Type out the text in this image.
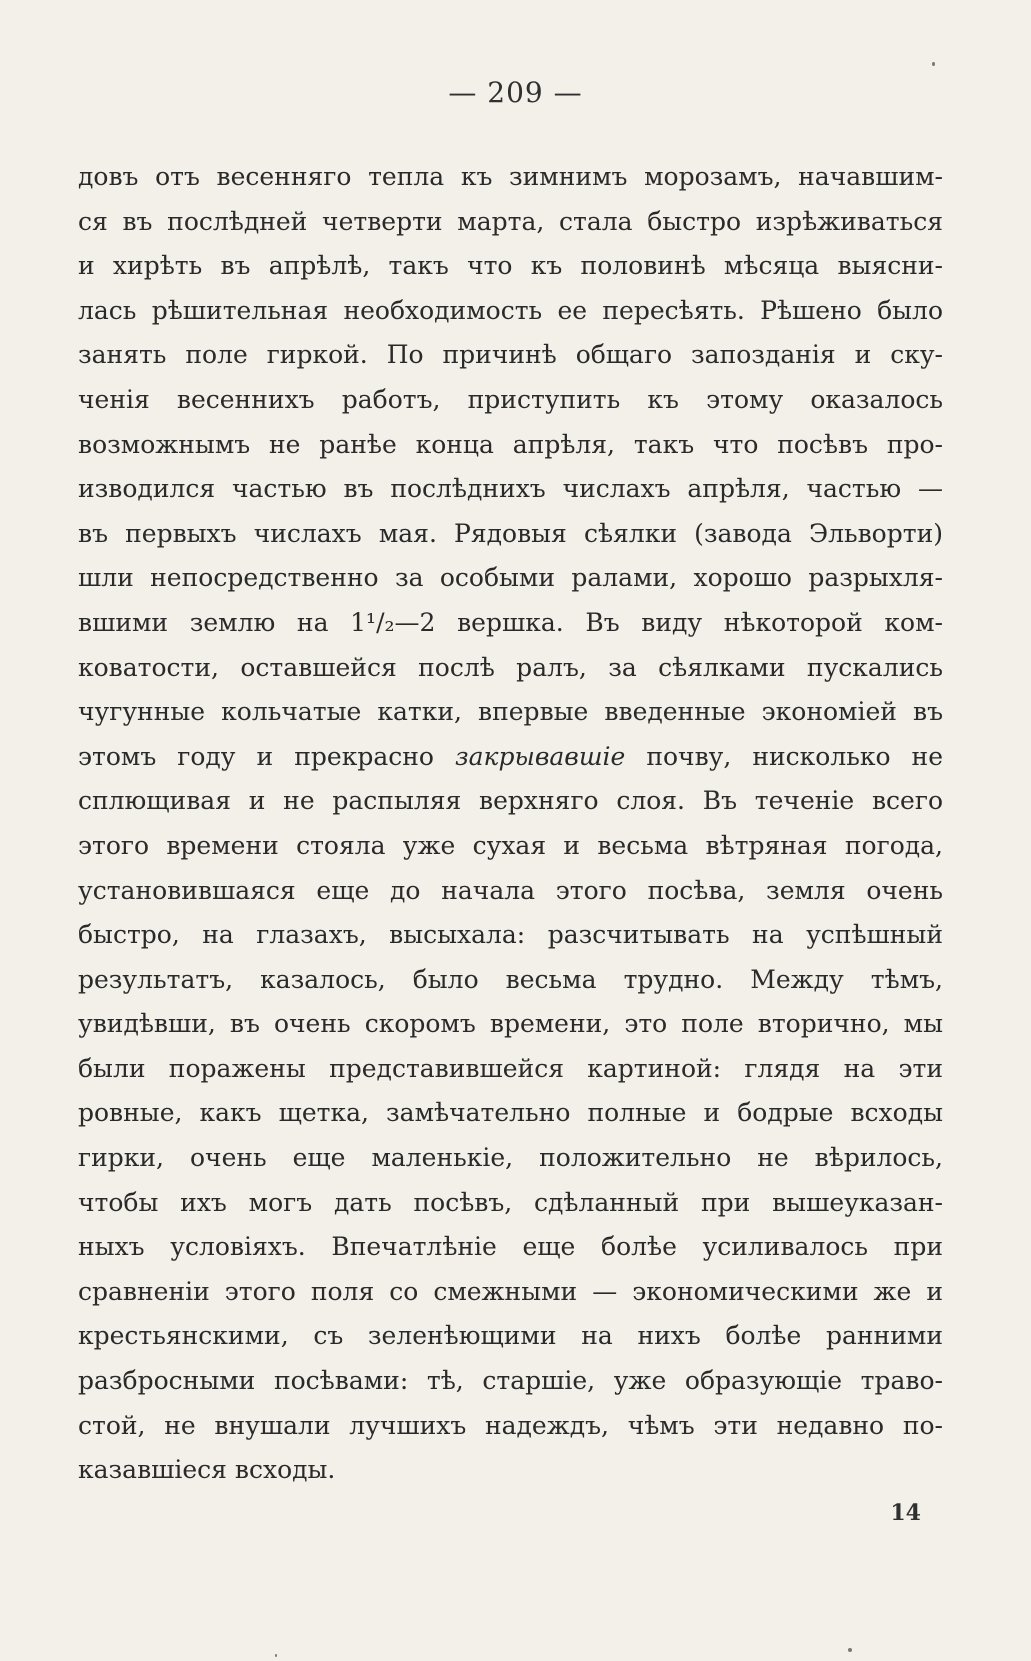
— 209 —
довъ отъ весенняго тепла къ зимнимъ морозамъ, начавшим-
ся въ послѣдней четверти марта, стала быстро изрѣживаться
и хирѣть въ апрѣлѣ, такъ что къ половинѣ мѣсяца выясни-
лась рѣшительная необходимость ее пересѣять. Рѣшено было
занять поле гиркой. По причинѣ общаго запозданія и ску-
ченія весеннихъ работъ, приступить къ этому оказалось
возможнымъ не ранѣе конца апрѣля, такъ что посѣвъ про-
изводился частью въ послѣднихъ числахъ апрѣля, частью —
въ первыхъ числахъ мая. Рядовыя сѣялки (завода Эльворти)
шли непосредственно за особыми ралами, хорошо разрыхля-
вшими землю на 1¹/₂—2 вершка. Въ виду нѣкоторой ком-
коватости, оставшейся послѣ ралъ, за сѣялками пускались
чугунные кольчатые катки, впервые введенные экономіей въ
этомъ году и прекрасно закрывавшіе почву, нисколько не
сплющивая и не распыляя верхняго слоя. Въ теченіе всего
этого времени стояла уже сухая и весьма вѣтряная погода,
установившаяся еще до начала этого посѣва, земля очень
быстро, на глазахъ, высыхала: разсчитывать на успѣшный
результатъ, казалось, было весьма трудно. Между тѣмъ,
увидѣвши, въ очень скоромъ времени, это поле вторично, мы
были поражены представившейся картиной: глядя на эти
ровные, какъ щетка, замѣчательно полные и бодрые всходы
гирки, очень еще маленькіе, положительно не вѣрилось,
чтобы ихъ могъ дать посѣвъ, сдѣланный при вышеуказан-
ныхъ условіяхъ. Впечатлѣніе еще болѣе усиливалось при
сравненіи этого поля со смежными — экономическими же и
крестьянскими, съ зеленѣющими на нихъ болѣе ранними
разбросными посѣвами: тѣ, старшіе, уже образующіе траво-
стой, не внушали лучшихъ надеждъ, чѣмъ эти недавно по-
казавшіеся всходы.
14
